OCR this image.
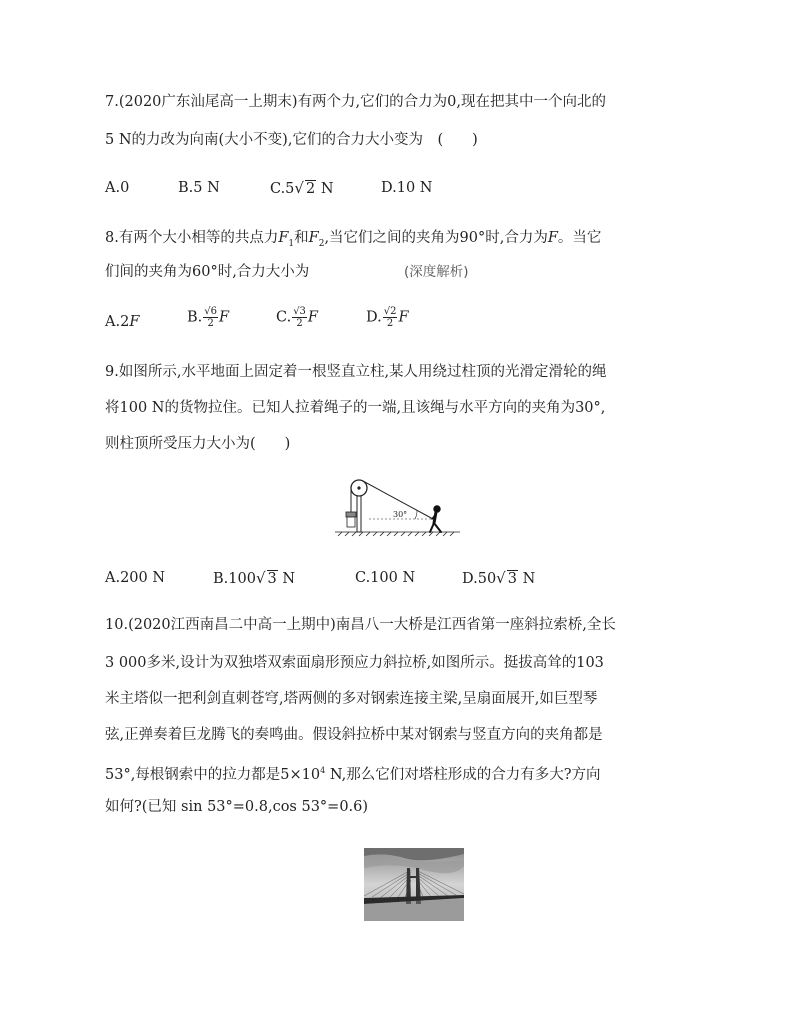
7.(2020广东汕尾高一上期末)有两个力,它们的合力为0,现在把其中一个向北的
5 N的力改为向南(大小不变),它们的合力大小变为　(　　)
A.0	B.5 N	C.5√ 2 N	D.10 N
8.有两个大小相等的共点力$F_1$和$F_2$,当它们之间的夹角为90°时,合力为F。当它
们间的夹角为60°时,合力大小为	(深度解析)
A.2F	B. $\frac{√6}{2}$ F	C. $\frac{√3}{2}$ F	D. $\frac{√2}{2}$ F
9.如图所示,水平地面上固定着一根竖直立柱,某人用绕过柱顶的光滑定滑轮的绳
将100 N的货物拉住。已知人拉着绳子的一端,且该绳与水平方向的夹角为30°,
则柱顶所受压力大小为(　　)
30°
A.200 N	B.100√ 3 N	C.100 N	D.50√ 3 N
10.(2020江西南昌二中高一上期中)南昌八一大桥是江西省第一座斜拉索桥,全长
3 000多米,设计为双独塔双索面扇形预应力斜拉桥,如图所示。挺拔高耸的103
米主塔似一把利剑直刺苍穹,塔两侧的多对钢索连接主梁,呈扇面展开,如巨型琴
弦,正弹奏着巨龙腾飞的奏鸣曲。假设斜拉桥中某对钢索与竖直方向的夹角都是
53°,每根钢索中的拉力都是$5\times 10^4$ N,那么它们对塔柱形成的合力有多大?方向
如何?(已知 sin 53°=0.8,cos 53°=0.6)
